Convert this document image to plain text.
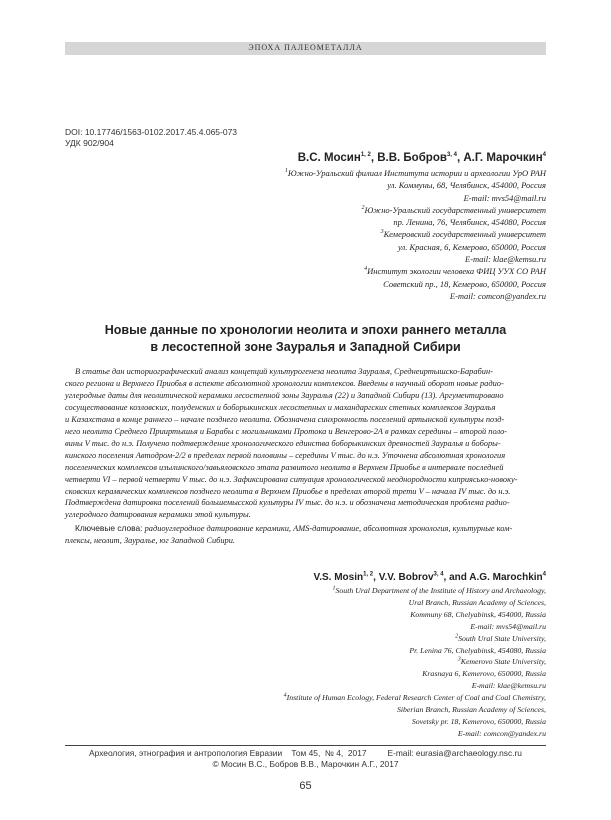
ЭПОХА ПАЛЕОМЕТАЛЛА
DOI: 10.17746/1563-0102.2017.45.4.065-073
УДК 902/904
В.С. Мосин$^{1, 2}$, В.В. Бобров$^{3, 4}$, А.Г. Марочкин$^4$
$^1$Южно-Уральский филиал Института истории и археологии УрО РАН
ул. Коммуны, 68, Челябинск, 454000, Россия
E-mail: mvs54@mail.ru
$^2$Южно-Уральский государственный университет
пр. Ленина, 76, Челябинск, 454080, Россия
$^3$Кемеровский государственный университет
ул. Красная, 6, Кемерово, 650000, Россия
E-mail: klae@kemsu.ru
$^4$Институт экологии человека ФИЦ УУХ СО РАН
Советский пр., 18, Кемерово, 650000, Россия
E-mail: comcon@yandex.ru
Новые данные по хронологии неолита и эпохи раннего металла
в лесостепной зоне Зауралья и Западной Сибири
В статье дан историографический анализ концепций культурогенеза неолита Зауралья, Среднеиртышско-Барабин-
ского региона и Верхнего Приобья в аспекте абсолютной хронологии комплексов. Введены в научный оборот новые радио-
углеродные даты для неолитической керамики лесостепной зоны Зауралья (22) и Западной Сибири (13). Аргументировано
сосуществование козловских, полуденских и боборыкинских лесостепных и махандаргских степных комплексов Зауралья
и Казахстана в конце раннего – начале позднего неолита. Обозначена синхронность поселений артынской культуры позд-
него неолита Среднего Прииртышья и Барабы с могильниками Протока и Венгерово-2А в рамках середины – второй полo-
вины V тыс. до н.э. Получено подтверждение хронологического единства боборыкинских древностей Зауралья и бобoры-
кинского поселения Автодром-2/2 в пределах первой половины – середины V тыс. до н.э. Уточнена абсолютная хронология
поселенческих комплексов изылинского/завьяловского этапа развитого неолита в Верхнем Приобье в интервале последней
четверти VI – первой четверти V тыс. до н.э. Зафиксирована ситуация хронологической неоднородности киприясько-новоку-
сковских керамических комплексов позднего неолита в Верхнем Приобье в пределах второй трети V – начала IV тыс. до н.э.
Подтверждена датировка поселений большемысской культуры IV тыс. до н.э. и обозначена методическая проблема радио-
углеродного датирования керамики этой культуры.
Ключевые слова: радиоуглеродное датирование керамики, AMS-датирование, абсолютная хронология, культурные ком-
плексы, неолит, Зауралье, юг Западной Сибири.
V.S. Mosin$^{1, 2}$, V.V. Bobrov$^{3, 4}$, and A.G. Marochkin$^4$
$^1$South Ural Department of the Institute of History and Archaeology,
Ural Branch, Russian Academy of Sciences,
Kommuny 68, Chelyabinsk, 454000, Russia
E-mail: mvs54@mail.ru
$^2$South Ural State University,
Pr. Lenina 76, Chelyabinsk, 454080, Russia
$^3$Kemerovo State University,
Krasnaya 6, Kemerovo, 650000, Russia
E-mail: klae@kemsu.ru
$^4$Institute of Human Ecology, Federal Research Center of Coal and Coal Chemistry,
Siberian Branch, Russian Academy of Sciences,
Sovetsky pr. 18, Kemerovo, 650000, Russia
E-mail: comcon@yandex.ru
Археология, этнография и антропология Евразии    Том 45,  № 4,  2017         E-mail: eurasia@archaeology.nsc.ru
© Мосин В.С., Бобров В.В., Марочкин А.Г., 2017
65
